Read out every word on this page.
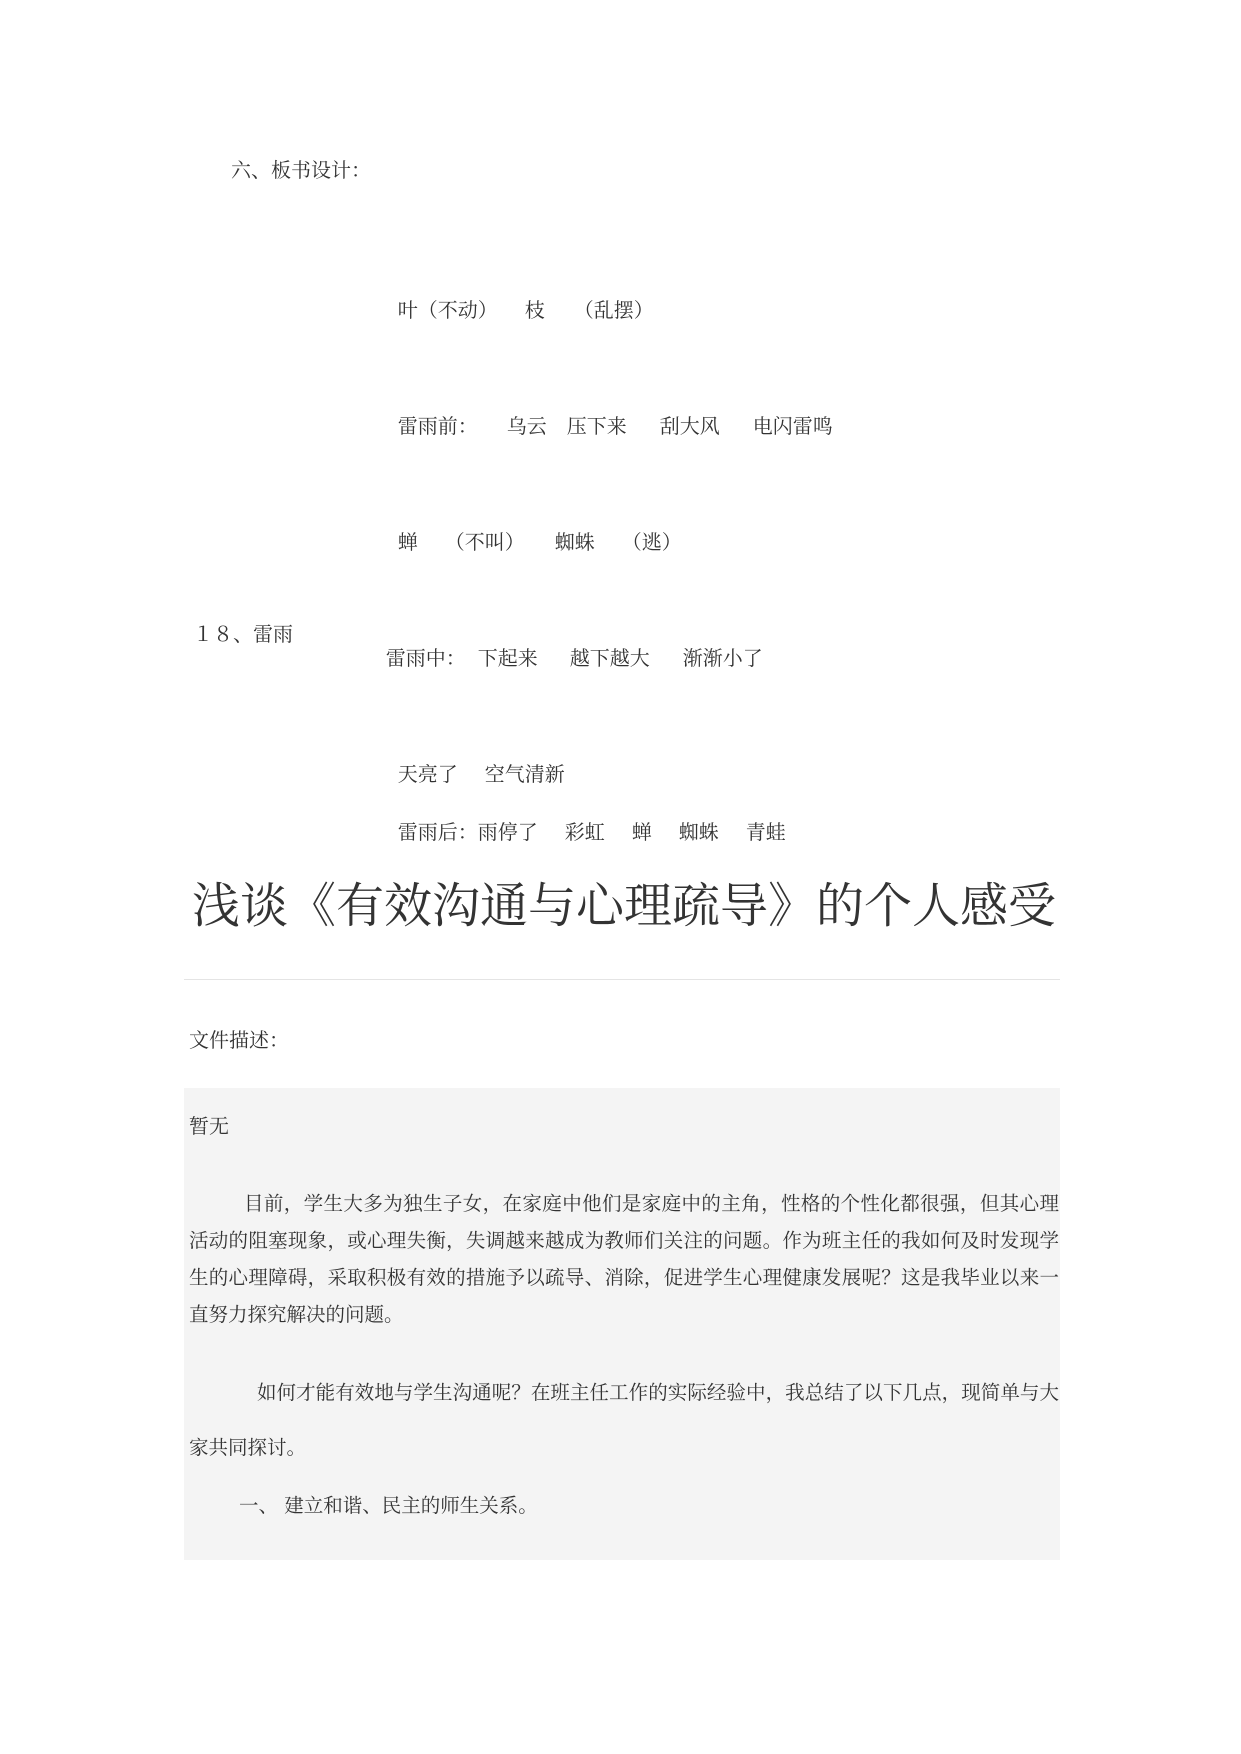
六、板书设计：

叶（不动） 枝 （乱摆）

雷雨前： 乌云 压下来 刮大风 电闪雷鸣

蝉 （不叫） 蜘蛛 （逃）

１８、雷雨

雷雨中： 下起来 越下越大 渐渐小了

天亮了 空气清新

雷雨后：雨停了 彩虹 蝉 蜘蛛 青蛙

浅谈《有效沟通与心理疏导》的个人感受
文件描述：
暂无
目前，学生大多为独生子女，在家庭中他们是家庭中的主角，性格的个性化都很强，但其心理活动的阻塞现象，或心理失衡，失调越来越成为教师们关注的问题。作为班主任的我如何及时发现学生的心理障碍，采取积极有效的措施予以疏导、消除，促进学生心理健康发展呢？这是我毕业以来一直努力探究解决的问题。
如何才能有效地与学生沟通呢？在班主任工作的实际经验中，我总结了以下几点，现简单与大家共同探讨。
一、 建立和谐、民主的师生关系。
